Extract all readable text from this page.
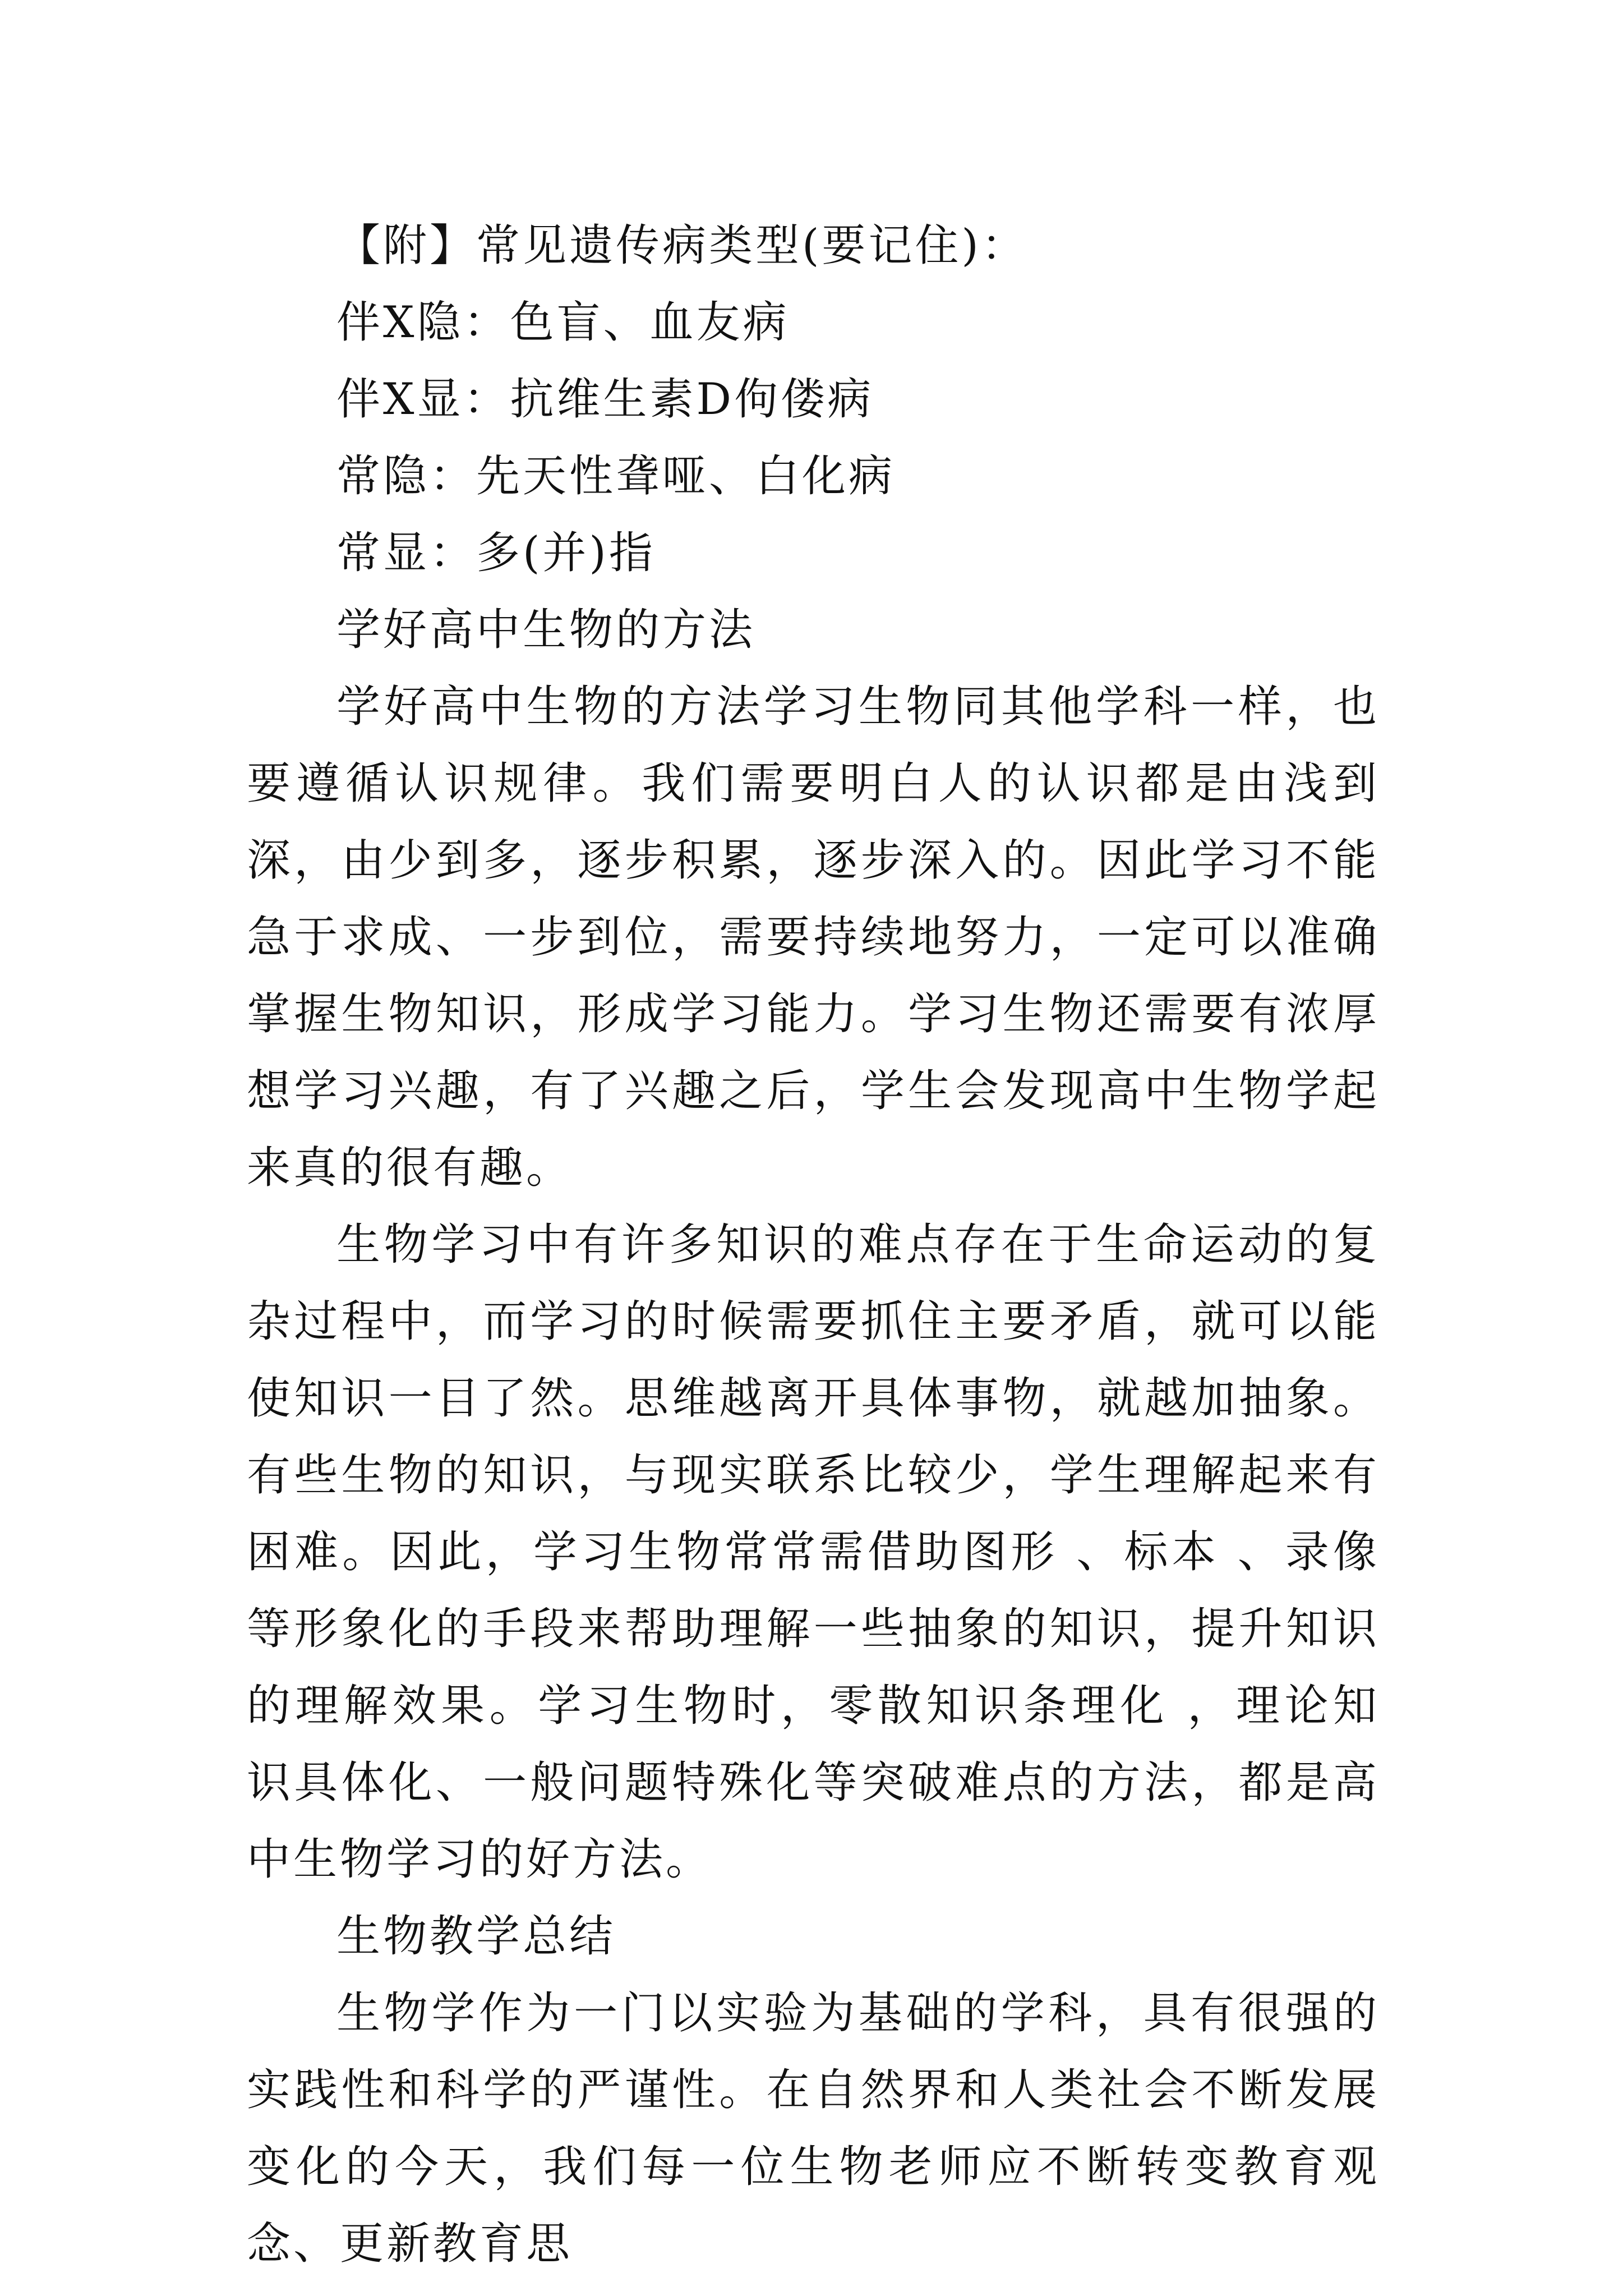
【附】常见遗传病类型(要记住)：
伴X隐：色盲、血友病
伴X显：抗维生素D佝偻病
常隐：先天性聋哑、白化病
常显：多(并)指
学好高中生物的方法

学好高中生物的方法学习生物同其他学科一样，也要遵循认识规律。我们需要明白人的认识都是由浅到深，由少到多，逐步积累，逐步深入的。因此学习不能急于求成、一步到位，需要持续地努力，一定可以准确掌握生物知识，形成学习能力。学习生物还需要有浓厚想学习兴趣，有了兴趣之后，学生会发现高中生物学起来真的很有趣。

生物学习中有许多知识的难点存在于生命运动的复杂过程中，而学习的时候需要抓住主要矛盾，就可以能使知识一目了然。思维越离开具体事物，就越加抽象。有些生物的知识，与现实联系比较少，学生理解起来有困难。因此，学习生物常常需借助图形 、标本 、录像等形象化的手段来帮助理解一些抽象的知识，提升知识的理解效果。学习生物时，零散知识条理化 ，理论知识具体化、一般问题特殊化等突破难点的方法，都是高中生物学习的好方法。

生物教学总结

生物学作为一门以实验为基础的学科，具有很强的实践性和科学的严谨性。在自然界和人类社会不断发展变化的今天，我们每一位生物老师应不断转变教育观念、更新教育思
